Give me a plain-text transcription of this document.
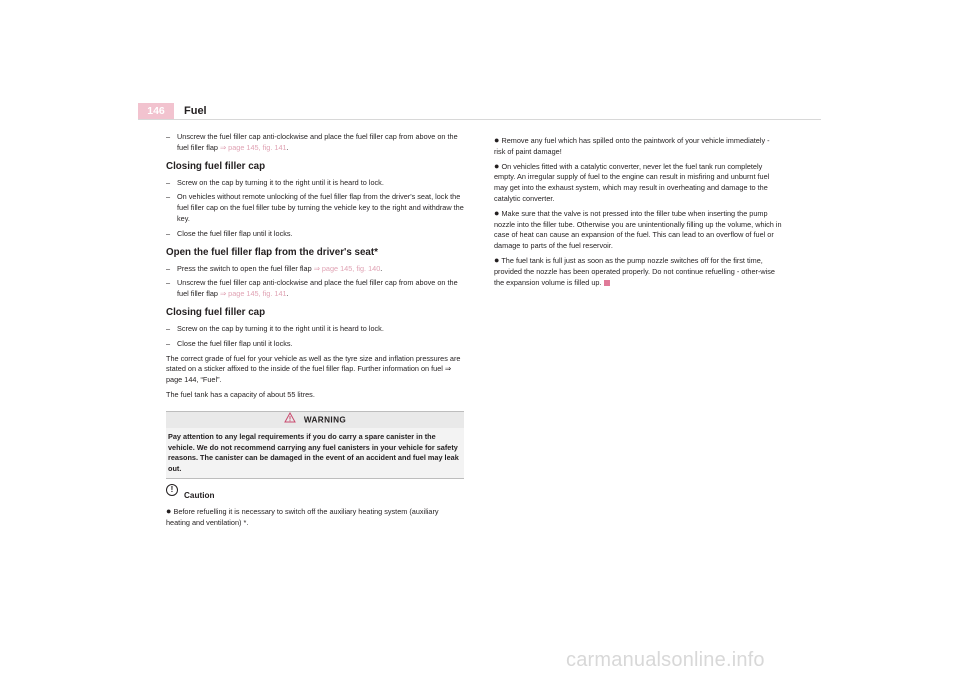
146	Fuel
– Unscrew the fuel filler cap anti-clockwise and place the fuel filler cap from above on the fuel filler flap ⇒ page 145, fig. 141.
Closing fuel filler cap
– Screw on the cap by turning it to the right until it is heard to lock.
– On vehicles without remote unlocking of the fuel filler flap from the driver's seat, lock the fuel filler cap on the fuel filler tube by turning the vehicle key to the right and withdraw the key.
– Close the fuel filler flap until it locks.
Open the fuel filler flap from the driver's seat*
– Press the switch to open the fuel filler flap ⇒ page 145, fig. 140.
– Unscrew the fuel filler cap anti-clockwise and place the fuel filler cap from above on the fuel filler flap ⇒ page 145, fig. 141.
Closing fuel filler cap
– Screw on the cap by turning it to the right until it is heard to lock.
– Close the fuel filler flap until it locks.

The correct grade of fuel for your vehicle as well as the tyre size and inflation pressures are stated on a sticker affixed to the inside of the fuel filler flap. Further information on fuel ⇒ page 144, “Fuel”.

The fuel tank has a capacity of about 55 litres.

WARNING
Pay attention to any legal requirements if you do carry a spare canister in the vehicle. We do not recommend carrying any fuel canisters in your vehicle for safety reasons. The canister can be damaged in the event of an accident and fuel may leak out.
!Caution
● Before refuelling it is necessary to switch off the auxiliary heating system (auxiliary heating and ventilation) *.
● Remove any fuel which has spilled onto the paintwork of your vehicle immediately - risk of paint damage!
● On vehicles fitted with a catalytic converter, never let the fuel tank run completely empty. An irregular supply of fuel to the engine can result in misfiring and unburnt fuel may get into the exhaust system, which may result in overheating and damage to the catalytic converter.
● Make sure that the valve is not pressed into the filler tube when inserting the pump nozzle into the filler tube. Otherwise you are unintentionally filling up the volume, which in case of heat can cause an expansion of the fuel. This can lead to an overflow of fuel or damage to parts of the fuel reservoir.
● The fuel tank is full just as soon as the pump nozzle switches off for the first time, provided the nozzle has been operated properly. Do not continue refuelling - other-wise the expansion volume is filled up.
carmanualsonline.info
